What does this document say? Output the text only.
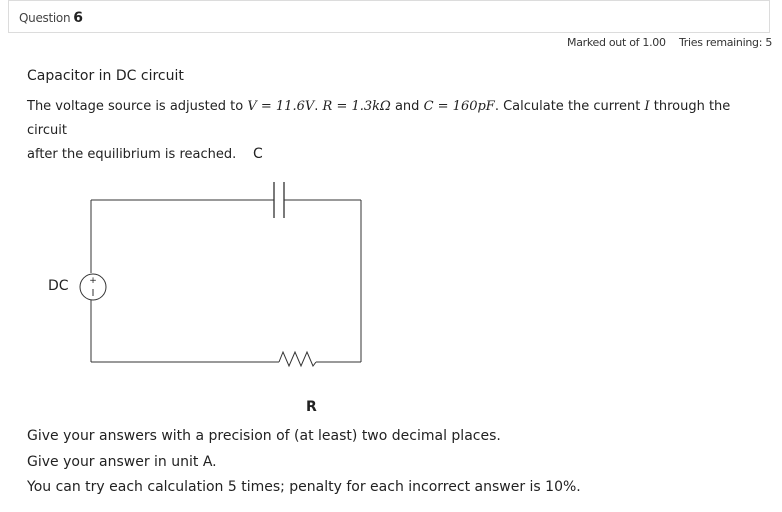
Question 6
Marked out of 1.00 Tries remaining: 5
Capacitor in DC circuit
The voltage source is adjusted to V = 11.6V. R = 1.3kΩ and C = 160pF. Calculate the current I through the circuit
after the equilibrium is reached.
+
C
DC
R
Give your answers with a precision of (at least) two decimal places.
Give your answer in unit A.
You can try each calculation 5 times; penalty for each incorrect answer is 10%.
